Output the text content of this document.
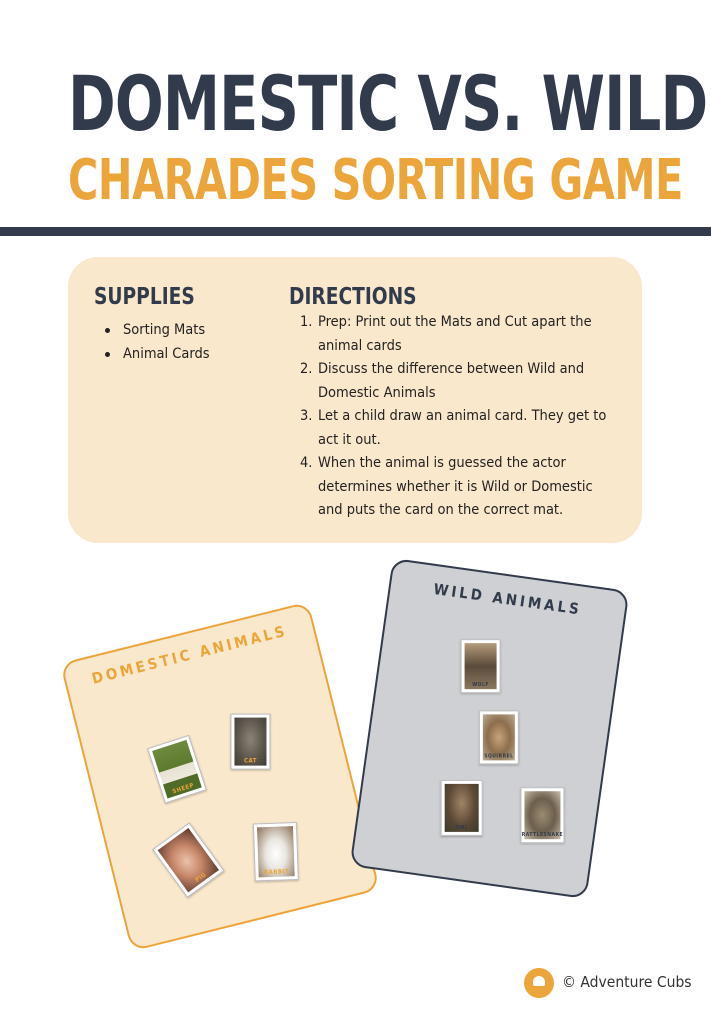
DOMESTIC VS. WILD
CHARADES SORTING GAME
SUPPLIES
Sorting Mats
Animal Cards
DIRECTIONS
1. Prep: Print out the Mats and Cut apart the animal cards
2. Discuss the difference between Wild and Domestic Animals
3. Let a child draw an animal card. They get to act it out.
4. When the animal is guessed the actor determines whether it is Wild or Domestic and puts the card on the correct mat.
DOMESTIC ANIMALS
SHEEP
CAT
PIG	RABBIT
WILD ANIMALS
WOLF
SQUIRREL
OWL
RATTLESNAKE
© Adventure Cubs
